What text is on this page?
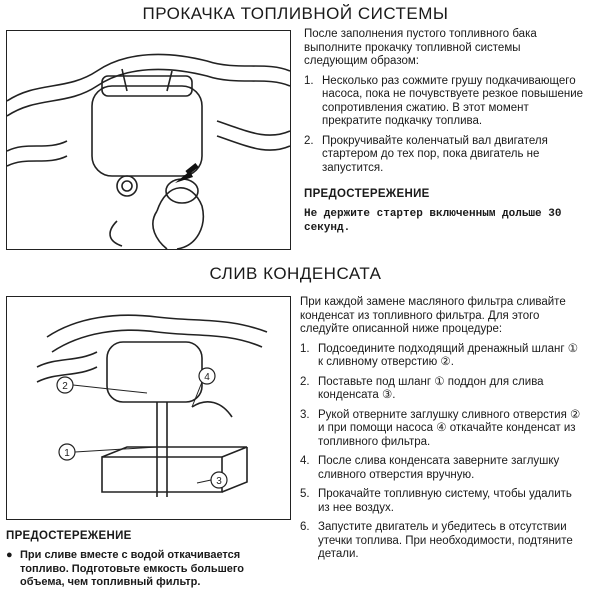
ПРОКАЧКА ТОПЛИВНОЙ СИСТЕМЫ

После заполнения пустого топливного бака выполните прокачку топливной системы следующим образом:

1. Несколько раз сожмите грушу подкачивающего насоса, пока не почувствуете резкое повышение сопротивления сжатию. В этот момент прекратите подкачку топлива.
2. Прокручивайте коленчатый вал двигателя стартером до тех пор, пока двигатель не запустится.
ПРЕДОСТЕРЕЖЕНИЕ
Не держите стартер включенным дольше 30 секунд.
СЛИВ КОНДЕНСАТА
2
1
3
4

При каждой замене масляного фильтра сливайте конденсат из топливного фильтра. Для этого следуйте описанной ниже процедуре:

1. Подсоедините подходящий дренажный шланг ① к сливному отверстию ②.
2. Поставьте под шланг ① поддон для слива конденсата ③.
3. Рукой отверните заглушку сливного отверстия ② и при помощи насоса ④ откачайте конденсат из топливного фильтра.
4. После слива конденсата заверните заглушку сливного отверстия вручную.
5. Прокачайте топливную систему, чтобы удалить из нее воздух.
6. Запустите двигатель и убедитесь в отсутствии утечки топлива. При необходимости, подтяните детали.
ПРЕДОСТЕРЕЖЕНИЕ
● При сливе вместе с водой откачивается топливо. Подготовьте емкость большего объема, чем топливный фильтр.
